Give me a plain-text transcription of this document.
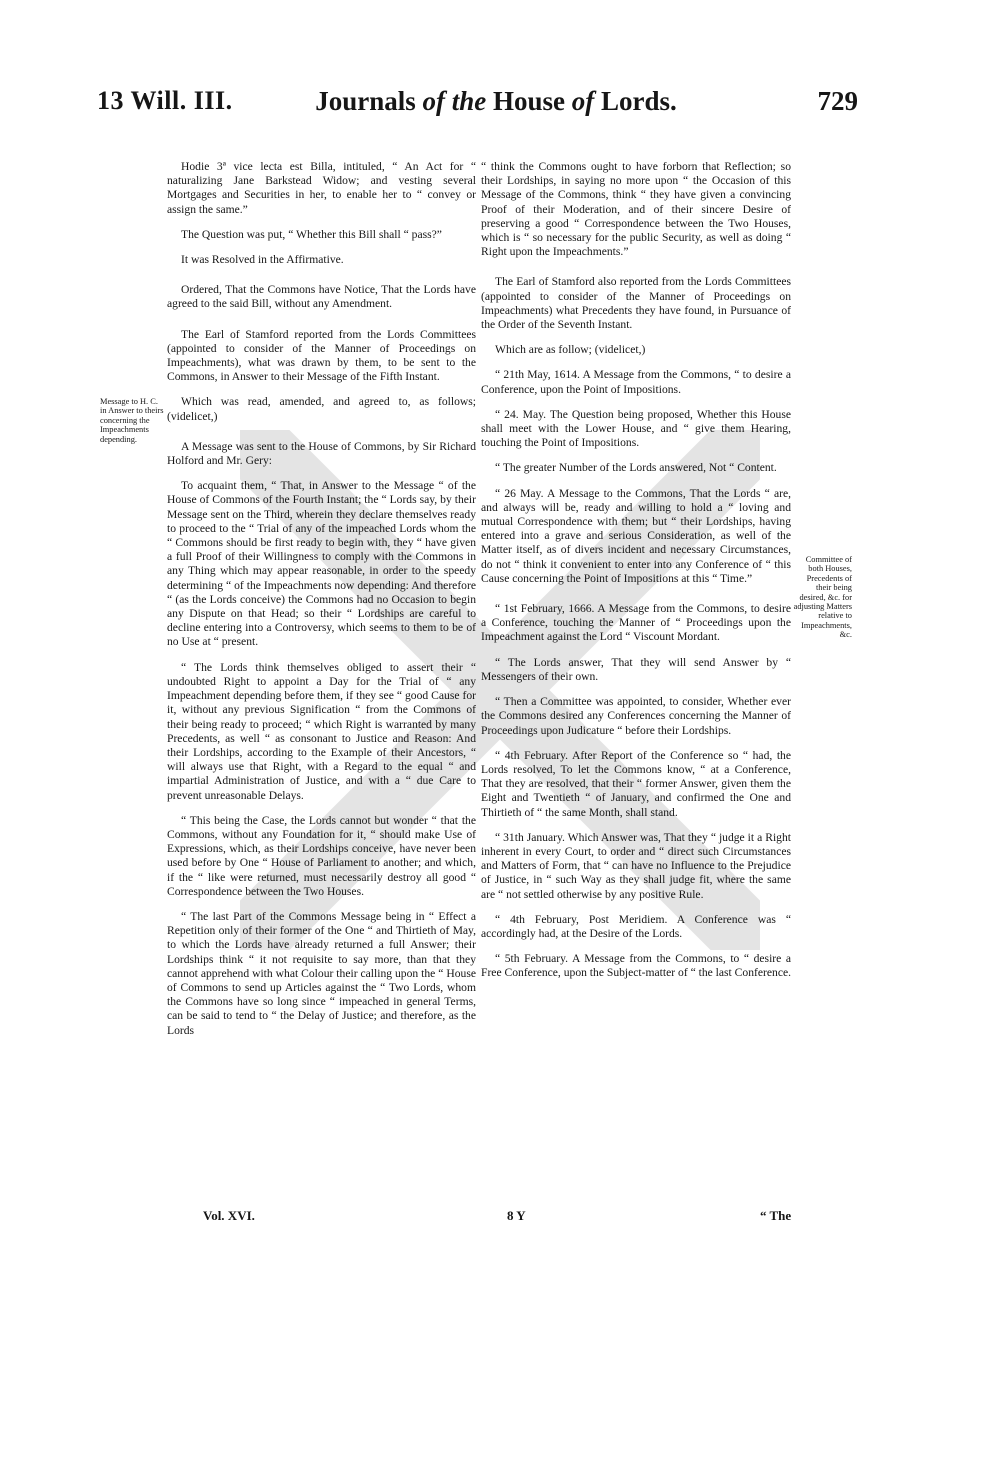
13 Will. III.	Journals of the House of Lords.	729
Message to H. C. in Answer to theirs concerning the Impeachments depending.
Committee of both Houses, Precedents of their being desired, &c. for adjusting Matters relative to Impeachments, &c.

Hodie 3ª vice lecta est Billa, intituled, “ An Act for “ naturalizing Jane Barkstead Widow; and vesting several Mortgages and Securities in her, to enable her to “ convey or assign the same.”

The Question was put, “ Whether this Bill shall “ pass?”

It was Resolved in the Affirmative.

Ordered, That the Commons have Notice, That the Lords have agreed to the said Bill, without any Amendment.

The Earl of Stamford reported from the Lords Committees (appointed to consider of the Manner of Proceedings on Impeachments), what was drawn by them, to be sent to the Commons, in Answer to their Message of the Fifth Instant.

Which was read, amended, and agreed to, as follows; (videlicet,)

A Message was sent to the House of Commons, by Sir Richard Holford and Mr. Gery:

To acquaint them, “ That, in Answer to the Message “ of the House of Commons of the Fourth Instant; the “ Lords say, by their Message sent on the Third, wherein they declare themselves ready to proceed to the “ Trial of any of the impeached Lords whom the “ Commons should be first ready to begin with, they “ have given a full Proof of their Willingness to comply with the Commons in any Thing which may appear reasonable, in order to the speedy determining “ of the Impeachments now depending: And therefore “ (as the Lords conceive) the Commons had no Occasion to begin any Dispute on that Head; so their “ Lordships are careful to decline entering into a Controversy, which seems to them to be of no Use at “ present.

“ The Lords think themselves obliged to assert their “ undoubted Right to appoint a Day for the Trial of “ any Impeachment depending before them, if they see “ good Cause for it, without any previous Signification “ from the Commons of their being ready to proceed; “ which Right is warranted by many Precedents, as well “ as consonant to Justice and Reason: And their Lordships, according to the Example of their Ancestors, “ will always use that Right, with a Regard to the equal “ and impartial Administration of Justice, and with a “ due Care to prevent unreasonable Delays.

“ This being the Case, the Lords cannot but wonder “ that the Commons, without any Foundation for it, “ should make Use of Expressions, which, as their Lordships conceive, have never been used before by One “ House of Parliament to another; and which, if the “ like were returned, must necessarily destroy all good “ Correspondence between the Two Houses.

“ The last Part of the Commons Message being in “ Effect a Repetition only of their former of the One “ and Thirtieth of May, to which the Lords have already returned a full Answer; their Lordships think “ it not requisite to say more, than that they cannot apprehend with what Colour their calling upon the “ House of Commons to send up Articles against the “ Two Lords, whom the Commons have so long since “ impeached in general Terms, can be said to tend to “ the Delay of Justice; and therefore, as the Lords

“ think the Commons ought to have forborn that Reflection; so their Lordships, in saying no more upon “ the Occasion of this Message of the Commons, think “ they have given a convincing Proof of their Moderation, and of their sincere Desire of preserving a good “ Correspondence between the Two Houses, which is “ so necessary for the public Security, as well as doing “ Right upon the Impeachments.”

The Earl of Stamford also reported from the Lords Committees (appointed to consider of the Manner of Proceedings on Impeachments) what Precedents they have found, in Pursuance of the Order of the Seventh Instant.

Which are as follow; (videlicet,)

“ 21th May, 1614. A Message from the Commons, “ to desire a Conference, upon the Point of Impositions.

“ 24. May. The Question being proposed, Whether this House shall meet with the Lower House, and “ give them Hearing, touching the Point of Impositions.

“ The greater Number of the Lords answered, Not “ Content.

“ 26 May. A Message to the Commons, That the Lords “ are, and always will be, ready and willing to hold a “ loving and mutual Correspondence with them; but “ their Lordships, having entered into a grave and serious Consideration, as well of the Matter itself, as of divers incident and necessary Circumstances, do not “ think it convenient to enter into any Conference of “ this Cause concerning the Point of Impositions at this “ Time.”

“ 1st February, 1666. A Message from the Commons, to desire a Conference, touching the Manner of “ Proceedings upon the Impeachment against the Lord “ Viscount Mordant.

“ The Lords answer, That they will send Answer by “ Messengers of their own.

“ Then a Committee was appointed, to consider, Whether ever the Commons desired any Conferences concerning the Manner of Proceedings upon Judicature “ before their Lordships.

“ 4th February. After Report of the Conference so “ had, the Lords resolved, To let the Commons know, “ at a Conference, That they are resolved, that their “ former Answer, given them the Eight and Twentieth “ of January, and confirmed the One and Thirtieth of “ the same Month, shall stand.

“ 31th January. Which Answer was, That they “ judge it a Right inherent in every Court, to order and “ direct such Circumstances and Matters of Form, that “ can have no Influence to the Prejudice of Justice, in “ such Way as they shall judge fit, where the same are “ not settled otherwise by any positive Rule.

“ 4th February, Post Meridiem. A Conference was “ accordingly had, at the Desire of the Lords.

“ 5th February. A Message from the Commons, to “ desire a Free Conference, upon the Subject-matter of “ the last Conference.

Vol. XVI.	8 Y	“ The
